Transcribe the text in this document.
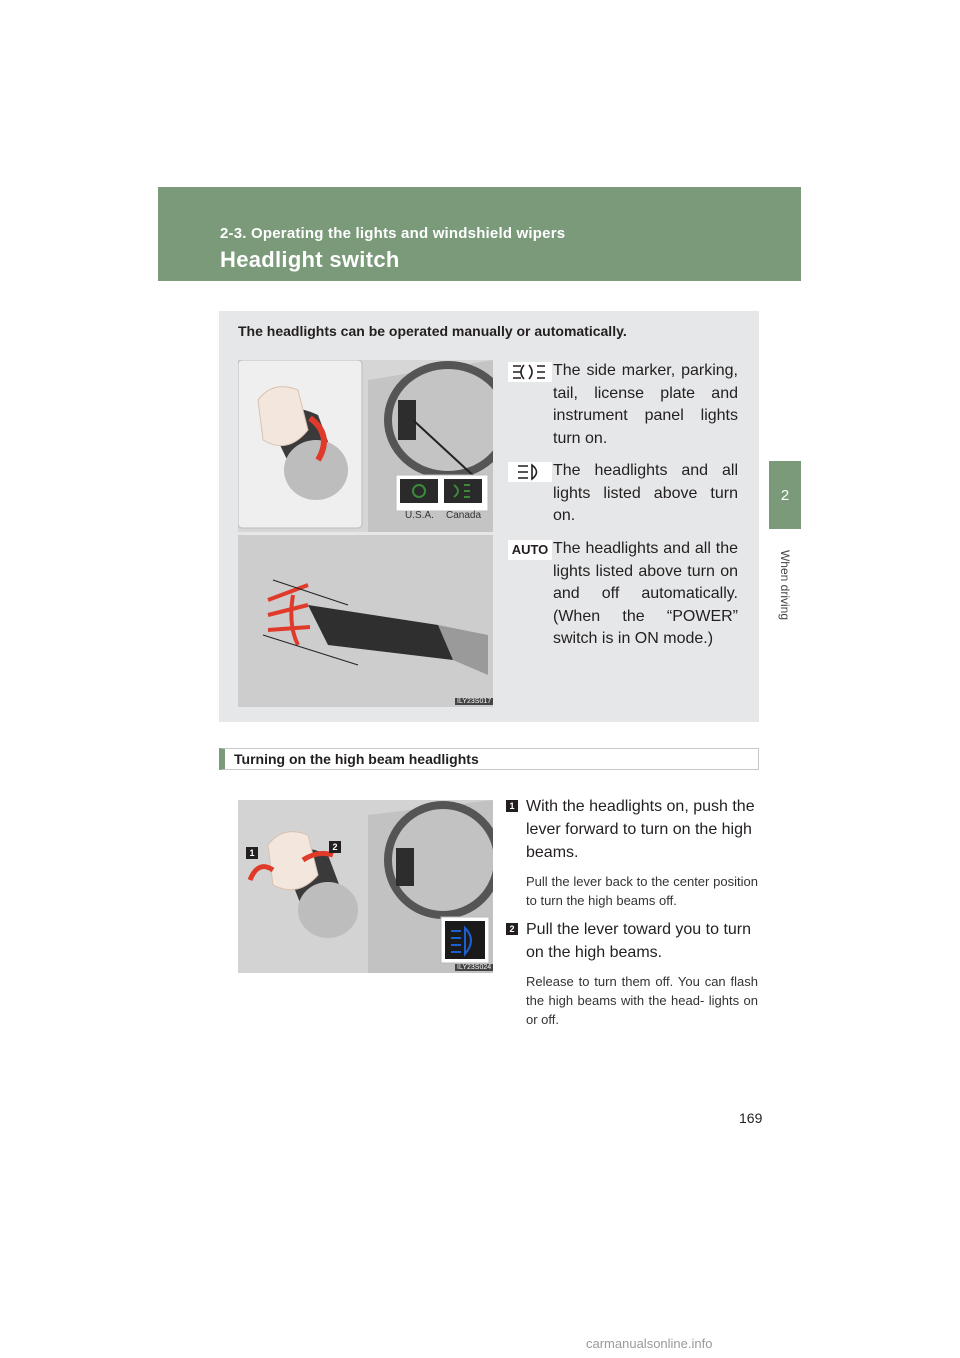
2-3. Operating the lights and windshield wipers
Headlight switch
2
When driving
The headlights can be operated manually or automatically.
U.S.A. Canada
ILY23S017
The side marker, parking, tail, license plate and instrument panel lights turn on.
The headlights and all lights listed above turn on.
AUTO The headlights and all the lights listed above turn on and off automatically. (When the “POWER” switch is in ON mode.)
Turning on the high beam headlights
1
2
ILY23S024
1 With the headlights on, push the lever forward to turn on the high beams.
Pull the lever back to the center position to turn the high beams off.
2 Pull the lever toward you to turn on the high beams.
Release to turn them off. You can flash the high beams with the head- lights on or off.
169
carmanualsonline.info
